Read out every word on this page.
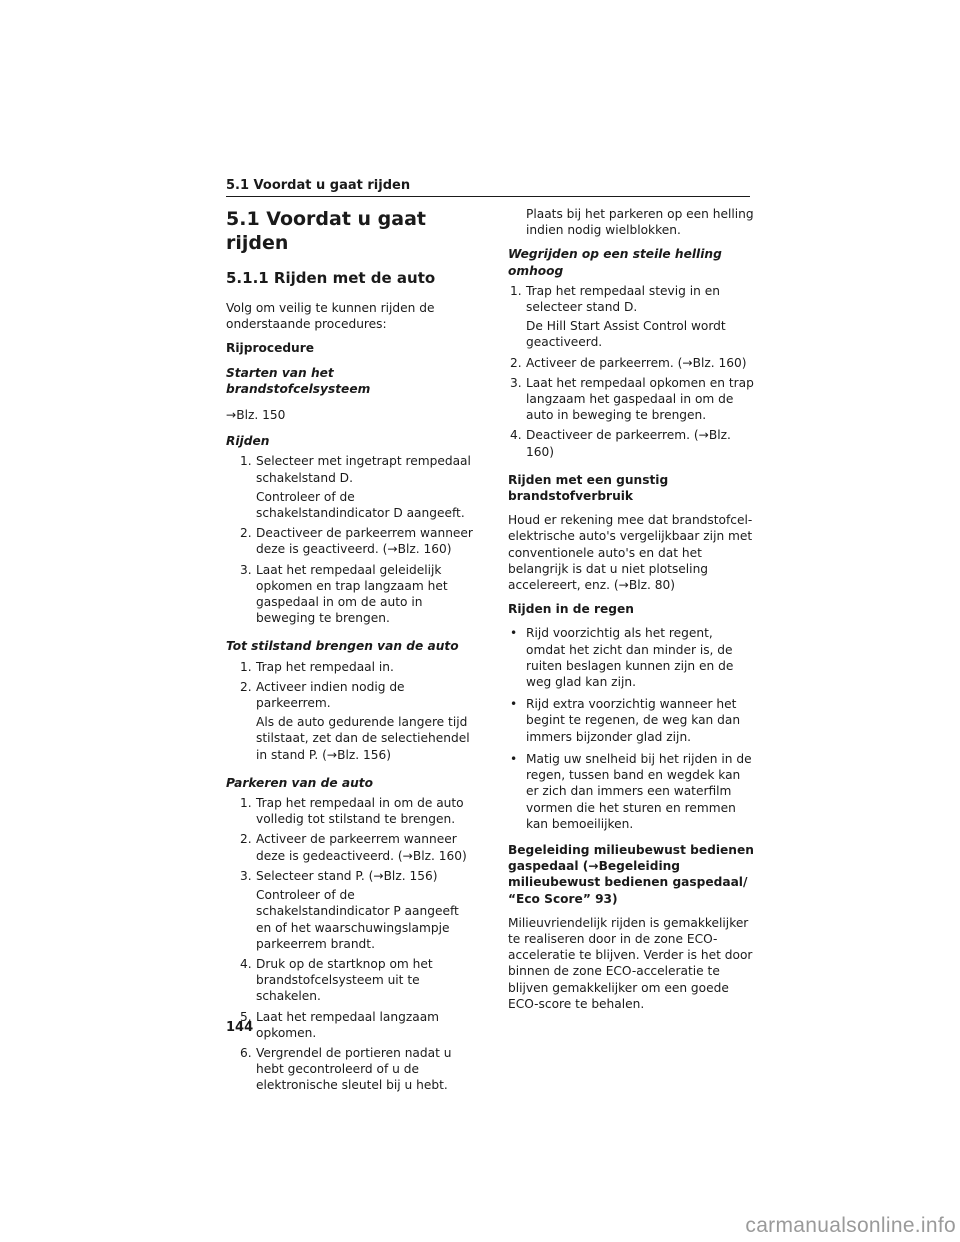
5.1 Voordat u gaat rijden
5.1 Voordat u gaat rijden
5.1.1 Rijden met de auto

Volg om veilig te kunnen rijden de onderstaande procedures:

Rijprocedure

Starten van het brandstofcelsysteem

→Blz. 150

Rijden

1. Selecteer met ingetrapt rempedaal schakelstand D.
Controleer of de schakelstandindicator D aangeeft.
2. Deactiveer de parkeerrem wanneer deze is geactiveerd. (→Blz. 160)
3. Laat het rempedaal geleidelijk opkomen en trap langzaam het gaspedaal in om de auto in beweging te brengen.

Tot stilstand brengen van de auto

1. Trap het rempedaal in.
2. Activeer indien nodig de parkeerrem.
Als de auto gedurende langere tijd stilstaat, zet dan de selectiehendel in stand P. (→Blz. 156)

Parkeren van de auto

1. Trap het rempedaal in om de auto volledig tot stilstand te brengen.
2. Activeer de parkeerrem wanneer deze is gedeactiveerd. (→Blz. 160)
3. Selecteer stand P. (→Blz. 156)
Controleer of de schakelstandindicator P aangeeft en of het waarschuwingslampje parkeerrem brandt.
4. Druk op de startknop om het brandstofcelsysteem uit te schakelen.
5. Laat het rempedaal langzaam opkomen.
6. Vergrendel de portieren nadat u hebt gecontroleerd of u de elektronische sleutel bij u hebt.

Plaats bij het parkeren op een helling indien nodig wielblokken.

Wegrijden op een steile helling omhoog

1. Trap het rempedaal stevig in en selecteer stand D.
De Hill Start Assist Control wordt geactiveerd.
2. Activeer de parkeerrem. (→Blz. 160)
3. Laat het rempedaal opkomen en trap langzaam het gaspedaal in om de auto in beweging te brengen.
4. Deactiveer de parkeerrem. (→Blz. 160)

Rijden met een gunstig brandstofverbruik

Houd er rekening mee dat brandstofcel-elektrische auto's vergelijkbaar zijn met conventionele auto's en dat het belangrijk is dat u niet plotseling accelereert, enz. (→Blz. 80)

Rijden in de regen

• Rijd voorzichtig als het regent, omdat het zicht dan minder is, de ruiten beslagen kunnen zijn en de weg glad kan zijn.
• Rijd extra voorzichtig wanneer het begint te regenen, de weg kan dan immers bijzonder glad zijn.
• Matig uw snelheid bij het rijden in de regen, tussen band en wegdek kan er zich dan immers een waterfilm vormen die het sturen en remmen kan bemoeilijken.

Begeleiding milieubewust bedienen gaspedaal (→Begeleiding milieubewust bedienen gaspedaal/ “Eco Score” 93)

Milieuvriendelijk rijden is gemakkelijker te realiseren door in de zone ECO-acceleratie te blijven. Verder is het door binnen de zone ECO-acceleratie te blijven gemakkelijker om een goede ECO-score te behalen.

144
carmanualsonline.info
